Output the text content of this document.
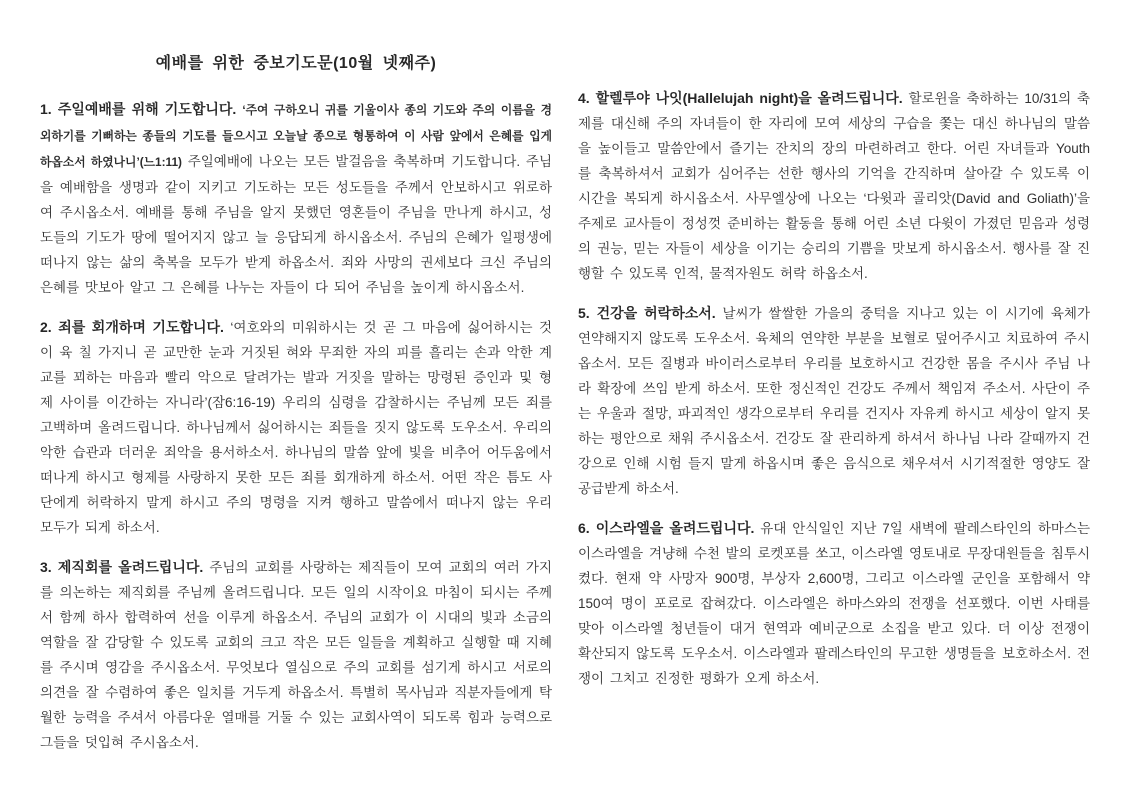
예배를 위한 중보기도문(10월 넷째주)

1. 주일예배를 위해 기도합니다. ‘주여 구하오니 귀를 기울이사 종의 기도와 주의 이름을 경외하기를 기뻐하는 종들의 기도를 들으시고 오늘날 종으로 형통하여 이 사람 앞에서 은혜를 입게 하옵소서 하였나니’(느1:11) 주일예배에 나오는 모든 발걸음을 축복하며 기도합니다. 주님을 예배함을 생명과 같이 지키고 기도하는 모든 성도들을 주께서 안보하시고 위로하여 주시옵소서. 예배를 통해 주님을 알지 못했던 영혼들이 주님을 만나게 하시고, 성도들의 기도가 땅에 떨어지지 않고 늘 응답되게 하시옵소서. 주님의 은혜가 일평생에 떠나지 않는 삶의 축복을 모두가 받게 하옵소서. 죄와 사망의 권세보다 크신 주님의 은혜를 맛보아 알고 그 은혜를 나누는 자들이 다 되어 주님을 높이게 하시옵소서.

2. 죄를 회개하며 기도합니다. ‘여호와의 미워하시는 것 곧 그 마음에 싫어하시는 것이 육 칠 가지니 곧 교만한 눈과 거짓된 혀와 무죄한 자의 피를 흘리는 손과 악한 계교를 꾀하는 마음과 빨리 악으로 달려가는 발과 거짓을 말하는 망령된 증인과 및 형제 사이를 이간하는 자니라’(잠6:16-19) 우리의 심령을 감찰하시는 주님께 모든 죄를 고백하며 올려드립니다. 하나님께서 싫어하시는 죄들을 짓지 않도록 도우소서. 우리의 악한 습관과 더러운 죄악을 용서하소서. 하나님의 말씀 앞에 빛을 비추어 어두움에서 떠나게 하시고 형제를 사랑하지 못한 모든 죄를 회개하게 하소서. 어떤 작은 틈도 사단에게 허락하지 말게 하시고 주의 명령을 지켜 행하고 말씀에서 떠나지 않는 우리 모두가 되게 하소서.

3. 제직회를 올려드립니다. 주님의 교회를 사랑하는 제직들이 모여 교회의 여러 가지를 의논하는 제직회를 주님께 올려드립니다. 모든 일의 시작이요 마침이 되시는 주께서 함께 하사 합력하여 선을 이루게 하옵소서. 주님의 교회가 이 시대의 빛과 소금의 역할을 잘 감당할 수 있도록 교회의 크고 작은 모든 일들을 계획하고 실행할 때 지혜를 주시며 영감을 주시옵소서. 무엇보다 열심으로 주의 교회를 섬기게 하시고 서로의 의견을 잘 수렴하여 좋은 일치를 거두게 하옵소서. 특별히 목사님과 직분자들에게 탁월한 능력을 주셔서 아름다운 열매를 거둘 수 있는 교회사역이 되도록 힘과 능력으로 그들을 덧입혀 주시옵소서.

4. 할렐루야 나잇(Hallelujah night)을 올려드립니다. 할로윈을 축하하는 10/31의 축제를 대신해 주의 자녀들이 한 자리에 모여 세상의 구습을 쫓는 대신 하나님의 말씀을 높이들고 말씀안에서 즐기는 잔치의 장의 마련하려고 한다. 어린 자녀들과 Youth를 축복하셔서 교회가 심어주는 선한 행사의 기억을 간직하며 살아갈 수 있도록 이 시간을 복되게 하시옵소서. 사무엘상에 나오는 ‘다윗과 골리앗(David and Goliath)’을 주제로 교사들이 정성껏 준비하는 활동을 통해 어린 소년 다윗이 가졌던 믿음과 성령의 권능, 믿는 자들이 세상을 이기는 승리의 기쁨을 맛보게 하시옵소서. 행사를 잘 진행할 수 있도록 인적, 물적자원도 허락 하옵소서.

5. 건강을 허락하소서. 날씨가 쌀쌀한 가을의 중턱을 지나고 있는 이 시기에 육체가 연약해지지 않도록 도우소서. 육체의 연약한 부분을 보혈로 덮어주시고 치료하여 주시옵소서. 모든 질병과 바이러스로부터 우리를 보호하시고 건강한 몸을 주시사 주님 나라 확장에 쓰임 받게 하소서. 또한 정신적인 건강도 주께서 책임져 주소서. 사단이 주는 우울과 절망, 파괴적인 생각으로부터 우리를 건지사 자유케 하시고 세상이 알지 못하는 평안으로 채워 주시옵소서. 건강도 잘 관리하게 하셔서 하나님 나라 갈때까지 건강으로 인해 시험 들지 말게 하옵시며 좋은 음식으로 채우셔서 시기적절한 영양도 잘 공급받게 하소서.

6. 이스라엘을 올려드립니다. 유대 안식일인 지난 7일 새벽에 팔레스타인의 하마스는 이스라엘을 겨냥해 수천 발의 로켓포를 쏘고, 이스라엘 영토내로 무장대원들을 침투시켰다. 현재 약 사망자 900명, 부상자 2,600명, 그리고 이스라엘 군인을 포함해서 약 150여 명이 포로로 잡혀갔다. 이스라엘은 하마스와의 전쟁을 선포했다. 이번 사태를 맞아 이스라엘 청년들이 대거 현역과 예비군으로 소집을 받고 있다. 더 이상 전쟁이 확산되지 않도록 도우소서. 이스라엘과 팔레스타인의 무고한 생명들을 보호하소서. 전쟁이 그치고 진정한 평화가 오게 하소서.
